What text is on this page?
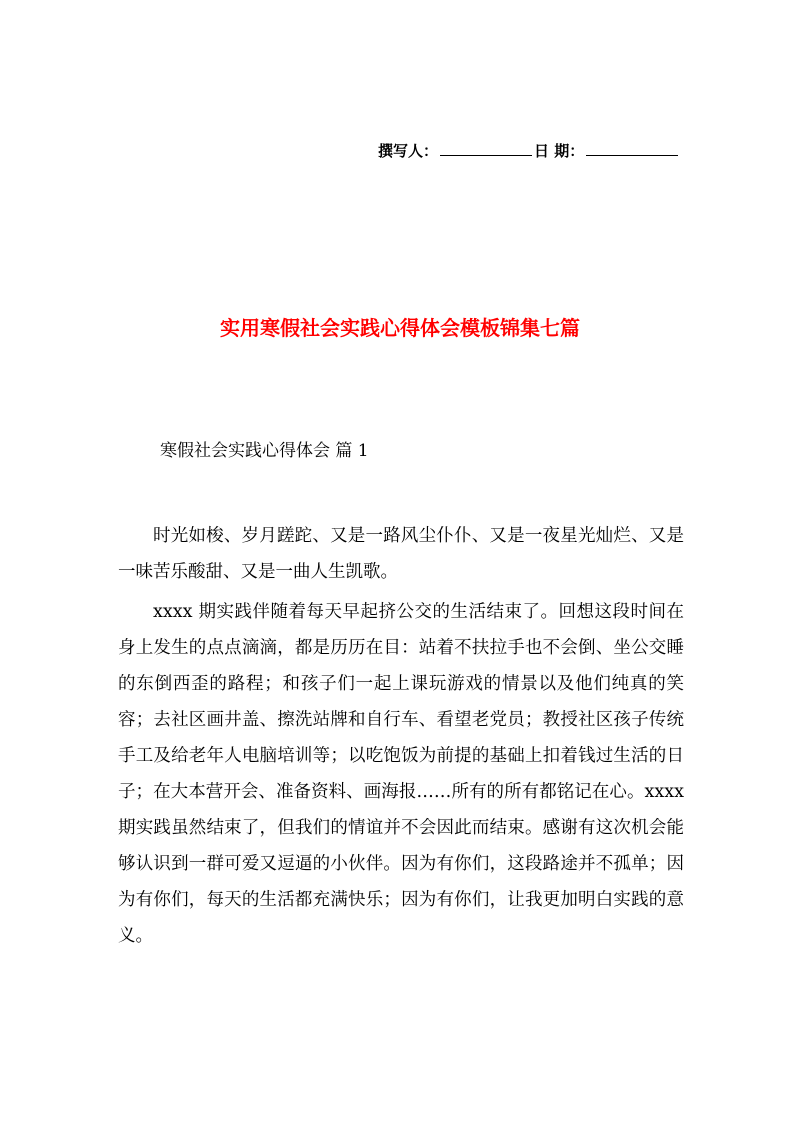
撰写人：	日 期：
实用寒假社会实践心得体会模板锦集七篇
寒假社会实践心得体会 篇 1

时光如梭、岁月蹉跎、又是一路风尘仆仆、又是一夜星光灿烂、又是一味苦乐酸甜、又是一曲人生凯歌。

xxxx 期实践伴随着每天早起挤公交的生活结束了。回想这段时间在身上发生的点点滴滴，都是历历在目：站着不扶拉手也不会倒、坐公交睡的东倒西歪的路程；和孩子们一起上课玩游戏的情景以及他们纯真的笑容；去社区画井盖、擦洗站牌和自行车、看望老党员；教授社区孩子传统手工及给老年人电脑培训等；以吃饱饭为前提的基础上扣着钱过生活的日子；在大本营开会、准备资料、画海报……所有的所有都铭记在心。xxxx 期实践虽然结束了，但我们的情谊并不会因此而结束。感谢有这次机会能够认识到一群可爱又逗逼的小伙伴。因为有你们，这段路途并不孤单；因为有你们，每天的生活都充满快乐；因为有你们，让我更加明白实践的意义。
